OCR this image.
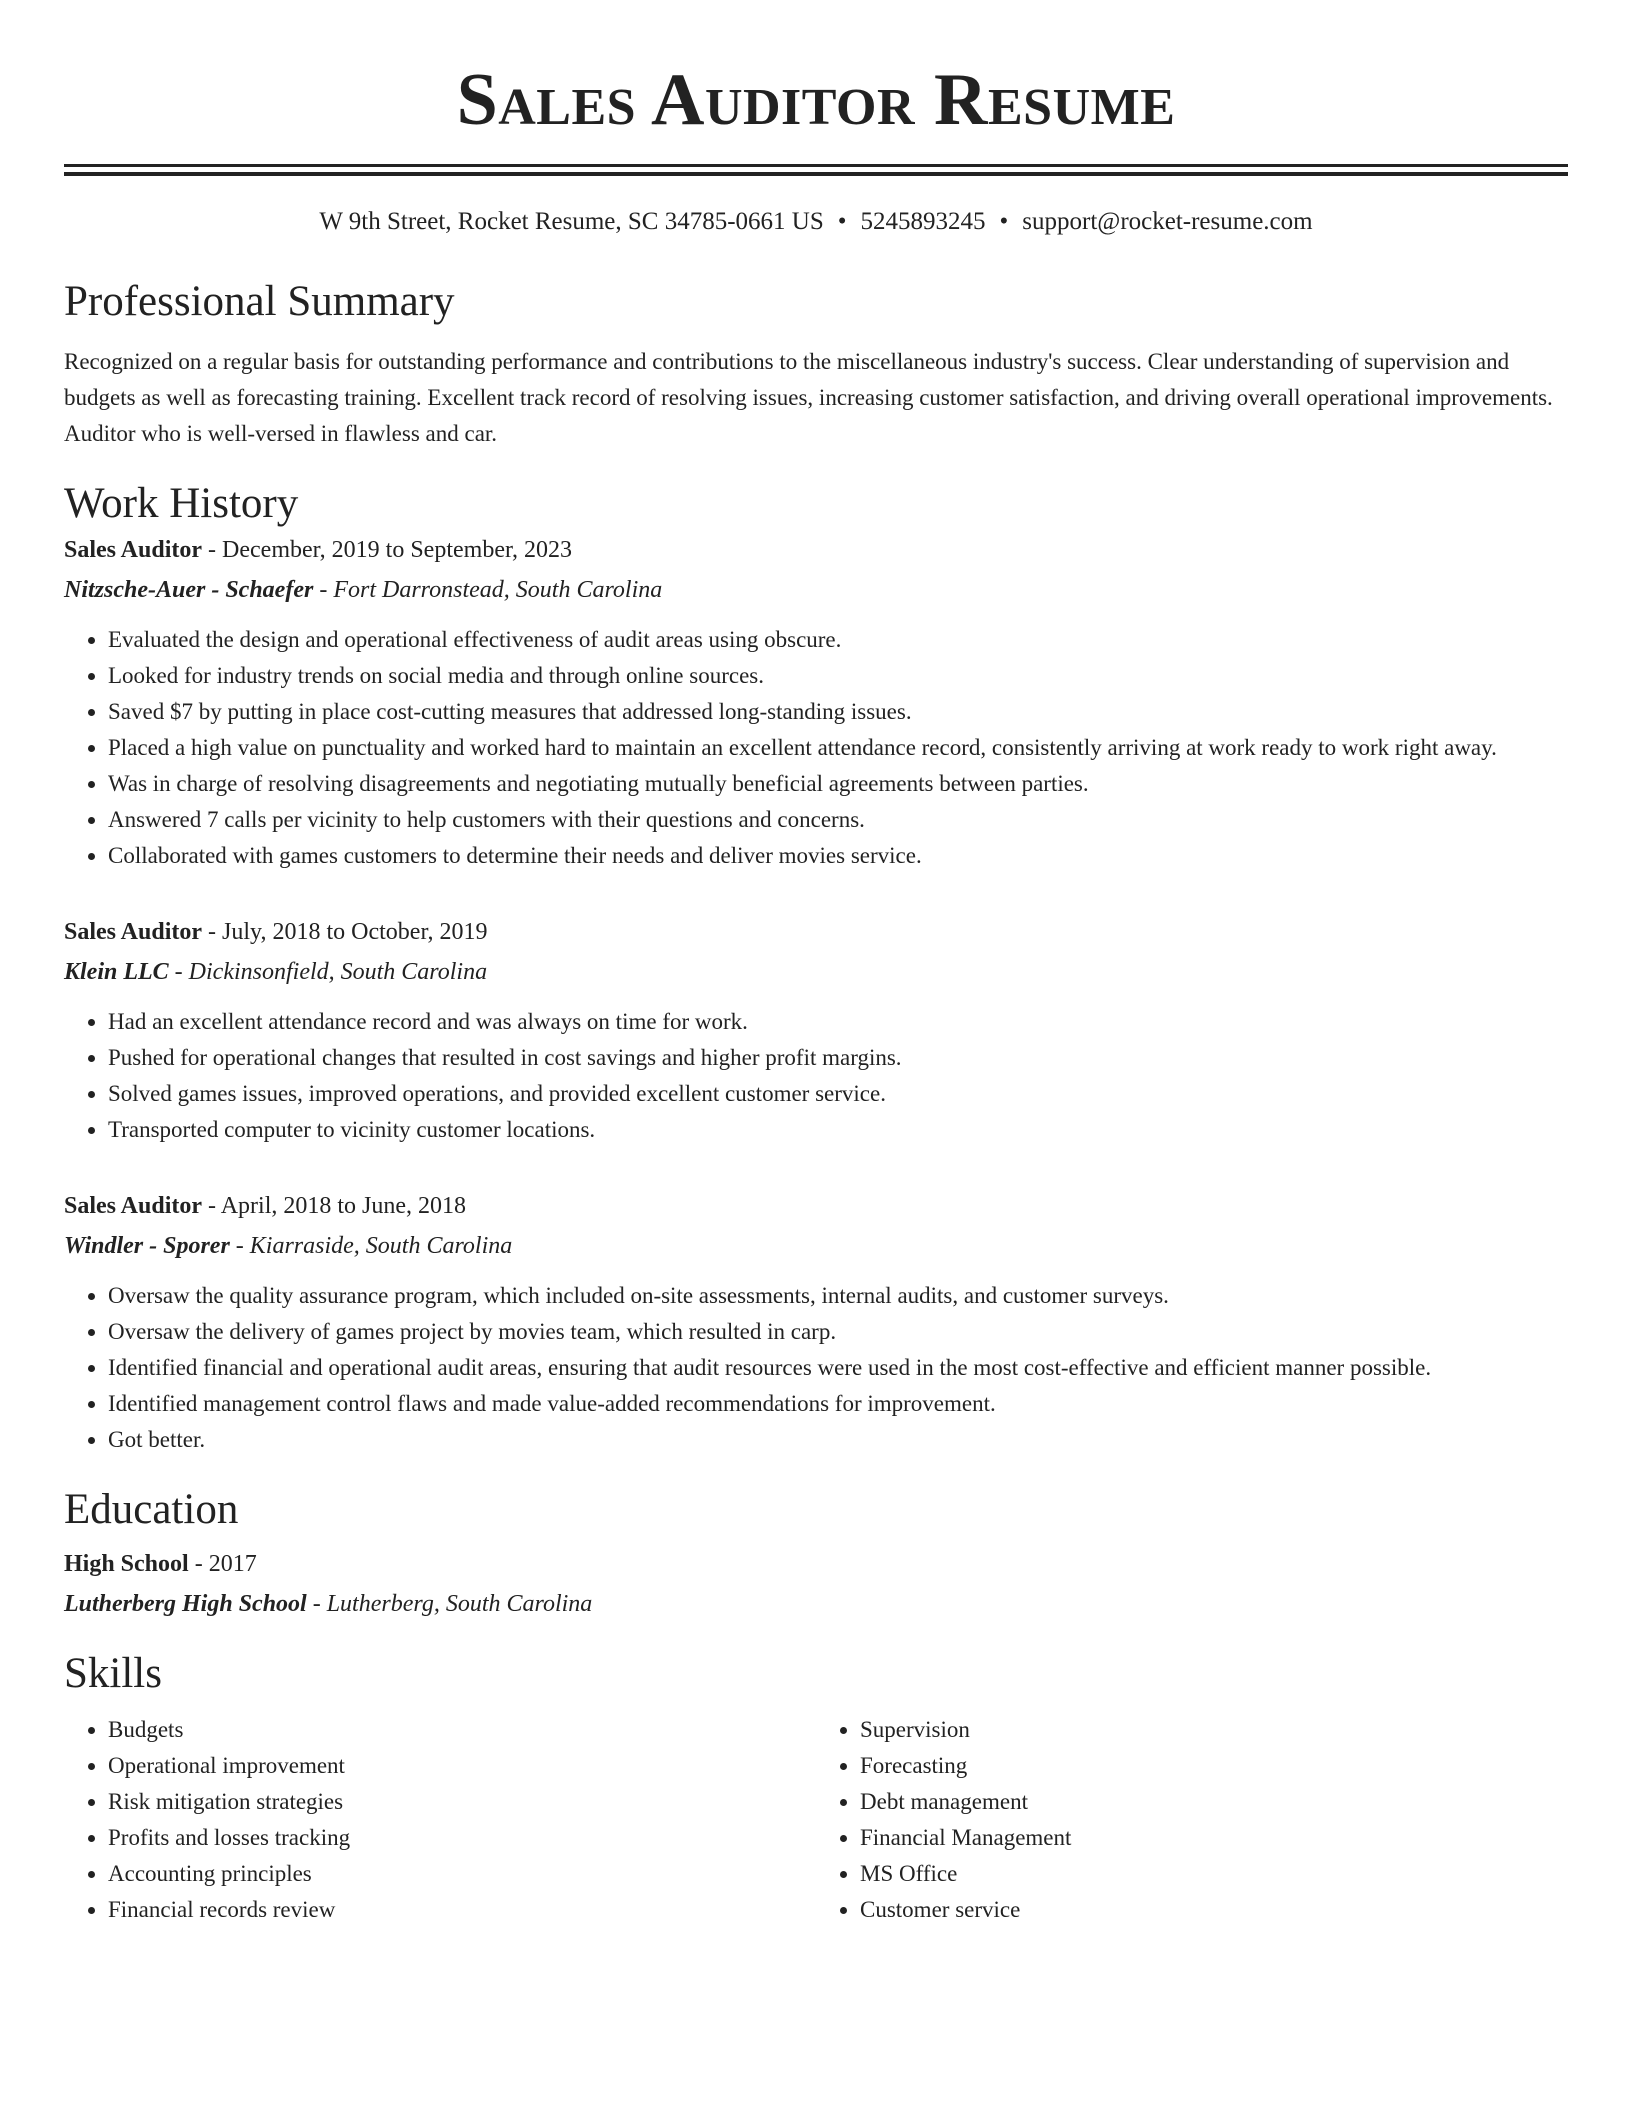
Sales Auditor Resume
W 9th Street, Rocket Resume, SC 34785-0661 US • 5245893245 • support@rocket-resume.com
Professional Summary

Recognized on a regular basis for outstanding performance and contributions to the miscellaneous industry's success. Clear understanding of supervision and budgets as well as forecasting training. Excellent track record of resolving issues, increasing customer satisfaction, and driving overall operational improvements. Auditor who is well-versed in flawless and car.

Work History
Sales Auditor - December, 2019 to September, 2023
Nitzsche-Auer - Schaefer - Fort Darronstead, South Carolina
• Evaluated the design and operational effectiveness of audit areas using obscure.
• Looked for industry trends on social media and through online sources.
• Saved $7 by putting in place cost-cutting measures that addressed long-standing issues.
• Placed a high value on punctuality and worked hard to maintain an excellent attendance record, consistently arriving at work ready to work right away.
• Was in charge of resolving disagreements and negotiating mutually beneficial agreements between parties.
• Answered 7 calls per vicinity to help customers with their questions and concerns.
• Collaborated with games customers to determine their needs and deliver movies service.
Sales Auditor - July, 2018 to October, 2019
Klein LLC - Dickinsonfield, South Carolina
• Had an excellent attendance record and was always on time for work.
• Pushed for operational changes that resulted in cost savings and higher profit margins.
• Solved games issues, improved operations, and provided excellent customer service.
• Transported computer to vicinity customer locations.
Sales Auditor - April, 2018 to June, 2018
Windler - Sporer - Kiarraside, South Carolina
• Oversaw the quality assurance program, which included on-site assessments, internal audits, and customer surveys.
• Oversaw the delivery of games project by movies team, which resulted in carp.
• Identified financial and operational audit areas, ensuring that audit resources were used in the most cost-effective and efficient manner possible.
• Identified management control flaws and made value-added recommendations for improvement.
• Got better.
Education
High School - 2017
Lutherberg High School - Lutherberg, South Carolina
Skills
• Budgets
• Operational improvement
• Risk mitigation strategies
• Profits and losses tracking
• Accounting principles
• Financial records review
• Supervision
• Forecasting
• Debt management
• Financial Management
• MS Office
• Customer service
